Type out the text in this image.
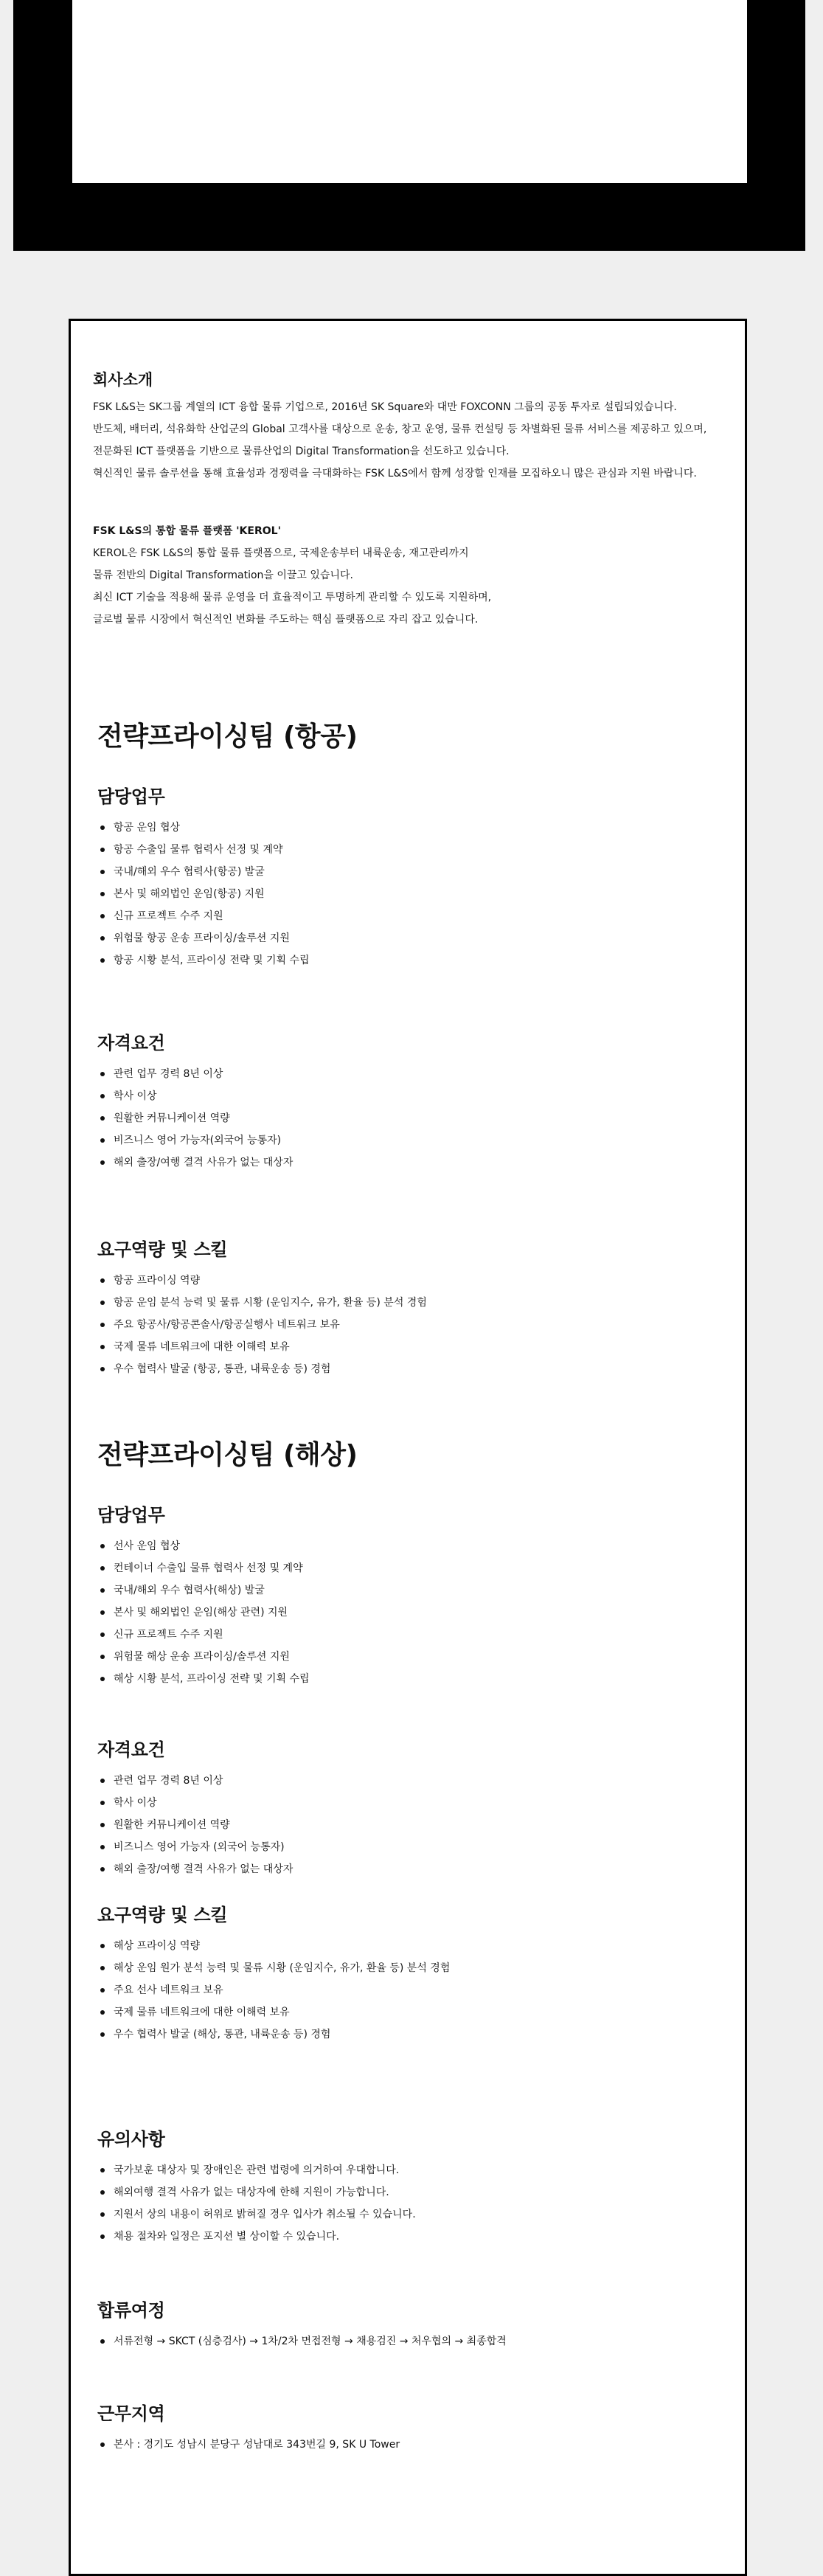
회사소개

FSK L&S는 SK그룹 계열의 ICT 융합 물류 기업으로, 2016년 SK Square와 대만 FOXCONN 그룹의 공동 투자로 설립되었습니다.

반도체, 배터리, 석유화학 산업군의 Global 고객사를 대상으로 운송, 창고 운영, 물류 컨설팅 등 차별화된 물류 서비스를 제공하고 있으며,

전문화된 ICT 플랫폼을 기반으로 물류산업의 Digital Transformation을 선도하고 있습니다.

혁신적인 물류 솔루션을 통해 효율성과 경쟁력을 극대화하는 FSK L&S에서 함께 성장할 인재를 모집하오니 많은 관심과 지원 바랍니다.

FSK L&S의 통합 물류 플랫폼 'KEROL'

KEROL은 FSK L&S의 통합 물류 플랫폼으로, 국제운송부터 내륙운송, 재고관리까지

물류 전반의 Digital Transformation을 이끌고 있습니다.

최신 ICT 기술을 적용해 물류 운영을 더 효율적이고 투명하게 관리할 수 있도록 지원하며,

글로벌 물류 시장에서 혁신적인 변화를 주도하는 핵심 플랫폼으로 자리 잡고 있습니다.

전략프라이싱팀 (항공)
담당업무
항공 운임 협상
항공 수출입 물류 협력사 선정 및 계약
국내/해외 우수 협력사(항공) 발굴
본사 및 해외법인 운임(항공) 지원
신규 프로젝트 수주 지원
위험물 항공 운송 프라이싱/솔루션 지원
항공 시황 분석, 프라이싱 전략 및 기획 수립
자격요건
관련 업무 경력 8년 이상
학사 이상
원활한 커뮤니케이션 역량
비즈니스 영어 가능자(외국어 능통자)
해외 출장/여행 결격 사유가 없는 대상자
요구역량 및 스킬
항공 프라이싱 역량
항공 운임 분석 능력 및 물류 시황 (운임지수, 유가, 환율 등) 분석 경험
주요 항공사/항공콘솔사/항공실행사 네트워크 보유
국제 물류 네트워크에 대한 이해력 보유
우수 협력사 발굴 (항공, 통관, 내륙운송 등) 경험
전략프라이싱팀 (해상)
담당업무
선사 운임 협상
컨테이너 수출입 물류 협력사 선정 및 계약
국내/해외 우수 협력사(해상) 발굴
본사 및 해외법인 운임(해상 관련) 지원
신규 프로젝트 수주 지원
위험물 해상 운송 프라이싱/솔루션 지원
해상 시황 분석, 프라이싱 전략 및 기획 수립
자격요건
관련 업무 경력 8년 이상
학사 이상
원활한 커뮤니케이션 역량
비즈니스 영어 가능자 (외국어 능통자)
해외 출장/여행 결격 사유가 없는 대상자
요구역량 및 스킬
해상 프라이싱 역량
해상 운임 원가 분석 능력 및 물류 시황 (운임지수, 유가, 환율 등) 분석 경험
주요 선사 네트워크 보유
국제 물류 네트워크에 대한 이해력 보유
우수 협력사 발굴 (해상, 통관, 내륙운송 등) 경험
유의사항
국가보훈 대상자 및 장애인은 관련 법령에 의거하여 우대합니다.
해외여행 결격 사유가 없는 대상자에 한해 지원이 가능합니다.
지원서 상의 내용이 허위로 밝혀질 경우 입사가 취소될 수 있습니다.
채용 절차와 일정은 포지션 별 상이할 수 있습니다.
합류여정
서류전형 → SKCT (심층검사) → 1차/2차 면접전형 → 채용검진 → 처우협의 → 최종합격
근무지역
본사 : 경기도 성남시 분당구 성남대로 343번길 9, SK U Tower
